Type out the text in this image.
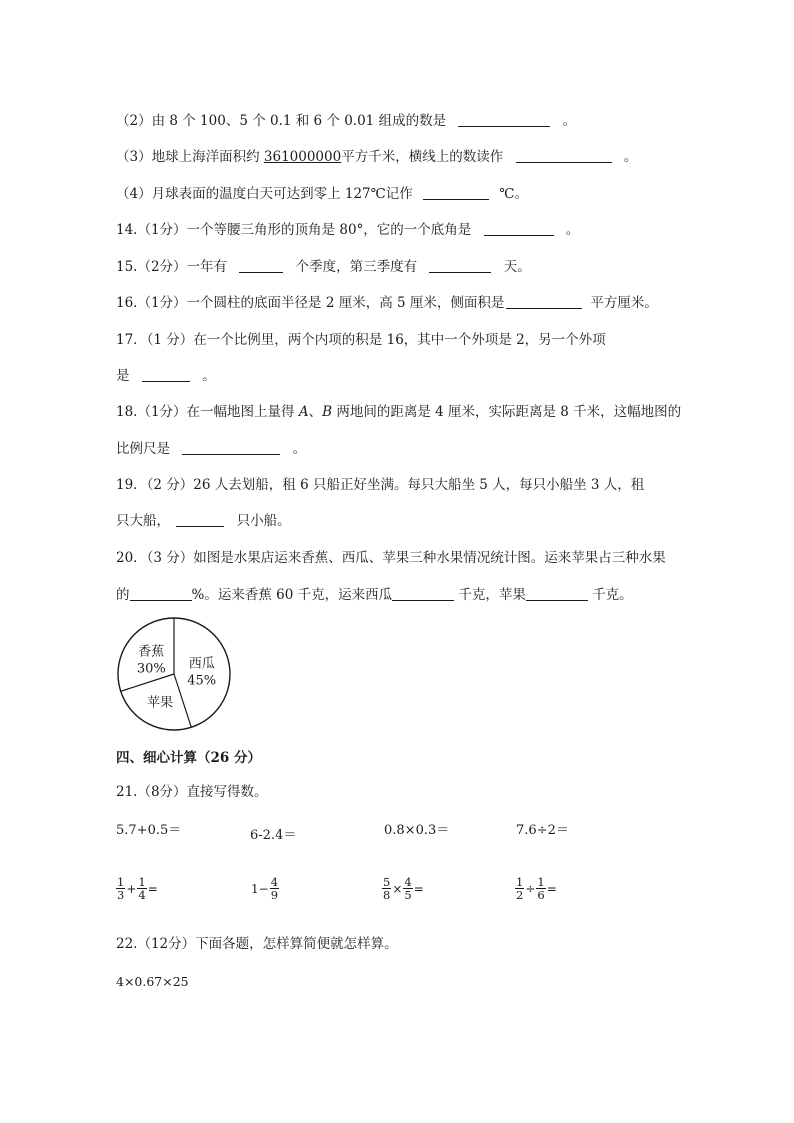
（2）由 8 个 100、5 个 0.1 和 6 个 0.01 组成的数是	。
（3）地球上海洋面积约 361000000平方千米，横线上的数读作	。
（4）月球表面的温度白天可达到零上 127℃记作	℃。
14.（1分）一个等腰三角形的顶角是 80°，它的一个底角是	。
15.（2分）一年有	个季度，第三季度有	天。
16.（1分）一个圆柱的底面半径是 2 厘米，高 5 厘米，侧面积是	平方厘米。
17．（1 分）在一个比例里，两个内项的积是 16，其中一个外项是 2，另一个外项
是	。
18.（1分）在一幅地图上量得 A、B 两地间的距离是 4 厘米，实际距离是 8 千米，这幅地图的
比例尺是	。
19．（2 分）26 人去划船，租 6 只船正好坐满。每只大船坐 5 人，每只小船坐 3 人，租
只大船，	只小船。
20．（3 分）如图是水果店运来香蕉、西瓜、苹果三种水果情况统计图。运来苹果占三种水果
的	%。运来香蕉 60 千克，运来西瓜	千克，苹果	千克。
西瓜
45%
苹果
香蕉
30%
四、细心计算（26 分）
21.（8分）直接写得数。
5.7+0.5＝	6-2.4＝	0.8×0.3＝	7.6÷2＝
$\frac{1}{3} + \frac{1}{4}$ =	$1- \frac{4}{9}$	$\frac{5}{8} \times \frac{4}{5}$ =	$\frac{1}{2} \div \frac{1}{6}$ =
22.（12分）下面各题，怎样算简便就怎样算。
4×0.67×25
